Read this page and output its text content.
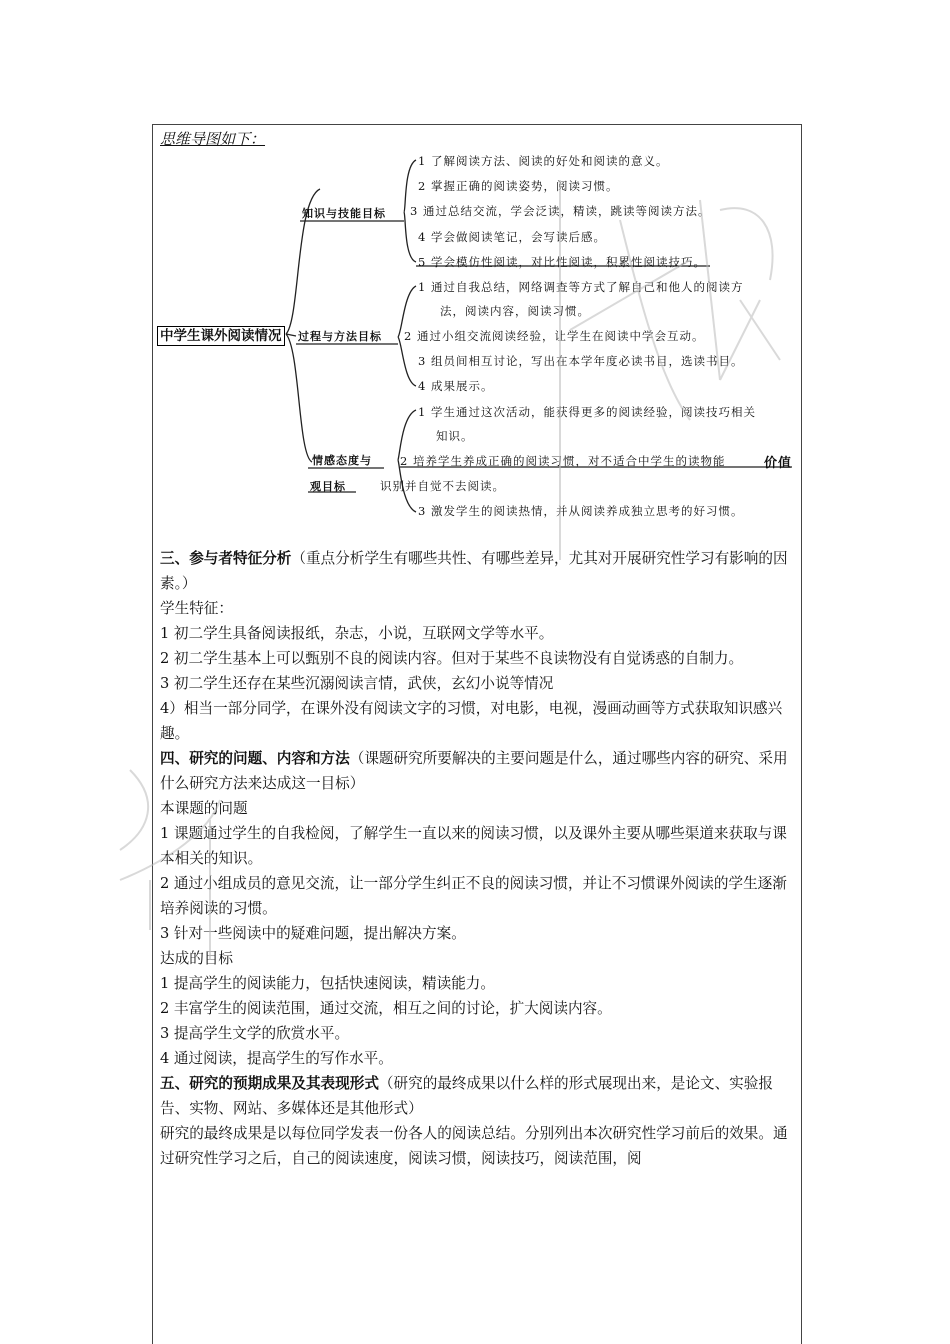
思维导图如下：
中学生课外阅读情况
知识与技能目标
过程与方法目标
情感态度与	价值
观目标
1 了解阅读方法、阅读的好处和阅读的意义。
2 掌握正确的阅读姿势，阅读习惯。
3 通过总结交流，学会泛读，精读，跳读等阅读方法。
4 学会做阅读笔记，会写读后感。
5 学会模仿性阅读，对比性阅读，积累性阅读技巧。
1 通过自我总结，网络调查等方式了解自己和他人的阅读方
法，阅读内容，阅读习惯。
2 通过小组交流阅读经验，让学生在阅读中学会互动。
3 组员间相互讨论，写出在本学年度必读书目，选读书目。
4 成果展示。
1 学生通过这次活动，能获得更多的阅读经验，阅读技巧相关
知识。
2 培养学生养成正确的阅读习惯，对不适合中学生的读物能
识别并自觉不去阅读。
3 激发学生的阅读热情，并从阅读养成独立思考的好习惯。

三、参与者特征分析（重点分析学生有哪些共性、有哪些差异，尤其对开展研究性学习有影响的因素。）

学生特征：

1 初二学生具备阅读报纸，杂志，小说，互联网文学等水平。

2 初二学生基本上可以甄别不良的阅读内容。但对于某些不良读物没有自觉诱惑的自制力。

3 初二学生还存在某些沉溺阅读言情，武侠，玄幻小说等情况

4）相当一部分同学，在课外没有阅读文字的习惯，对电影，电视，漫画动画等方式获取知识感兴趣。

四、研究的问题、内容和方法（课题研究所要解决的主要问题是什么，通过哪些内容的研究、采用什么研究方法来达成这一目标）

本课题的问题

1 课题通过学生的自我检阅，了解学生一直以来的阅读习惯，以及课外主要从哪些渠道来获取与课本相关的知识。

2 通过小组成员的意见交流，让一部分学生纠正不良的阅读习惯，并让不习惯课外阅读的学生逐渐培养阅读的习惯。

3 针对一些阅读中的疑难问题，提出解决方案。

达成的目标

1 提高学生的阅读能力，包括快速阅读，精读能力。

2 丰富学生的阅读范围，通过交流，相互之间的讨论，扩大阅读内容。

3 提高学生文学的欣赏水平。

4 通过阅读，提高学生的写作水平。

五、研究的预期成果及其表现形式（研究的最终成果以什么样的形式展现出来，是论文、实验报告、实物、网站、多媒体还是其他形式）

研究的最终成果是以每位同学发表一份各人的阅读总结。分别列出本次研究性学习前后的效果。通过研究性学习之后，自己的阅读速度，阅读习惯，阅读技巧，阅读范围，阅
